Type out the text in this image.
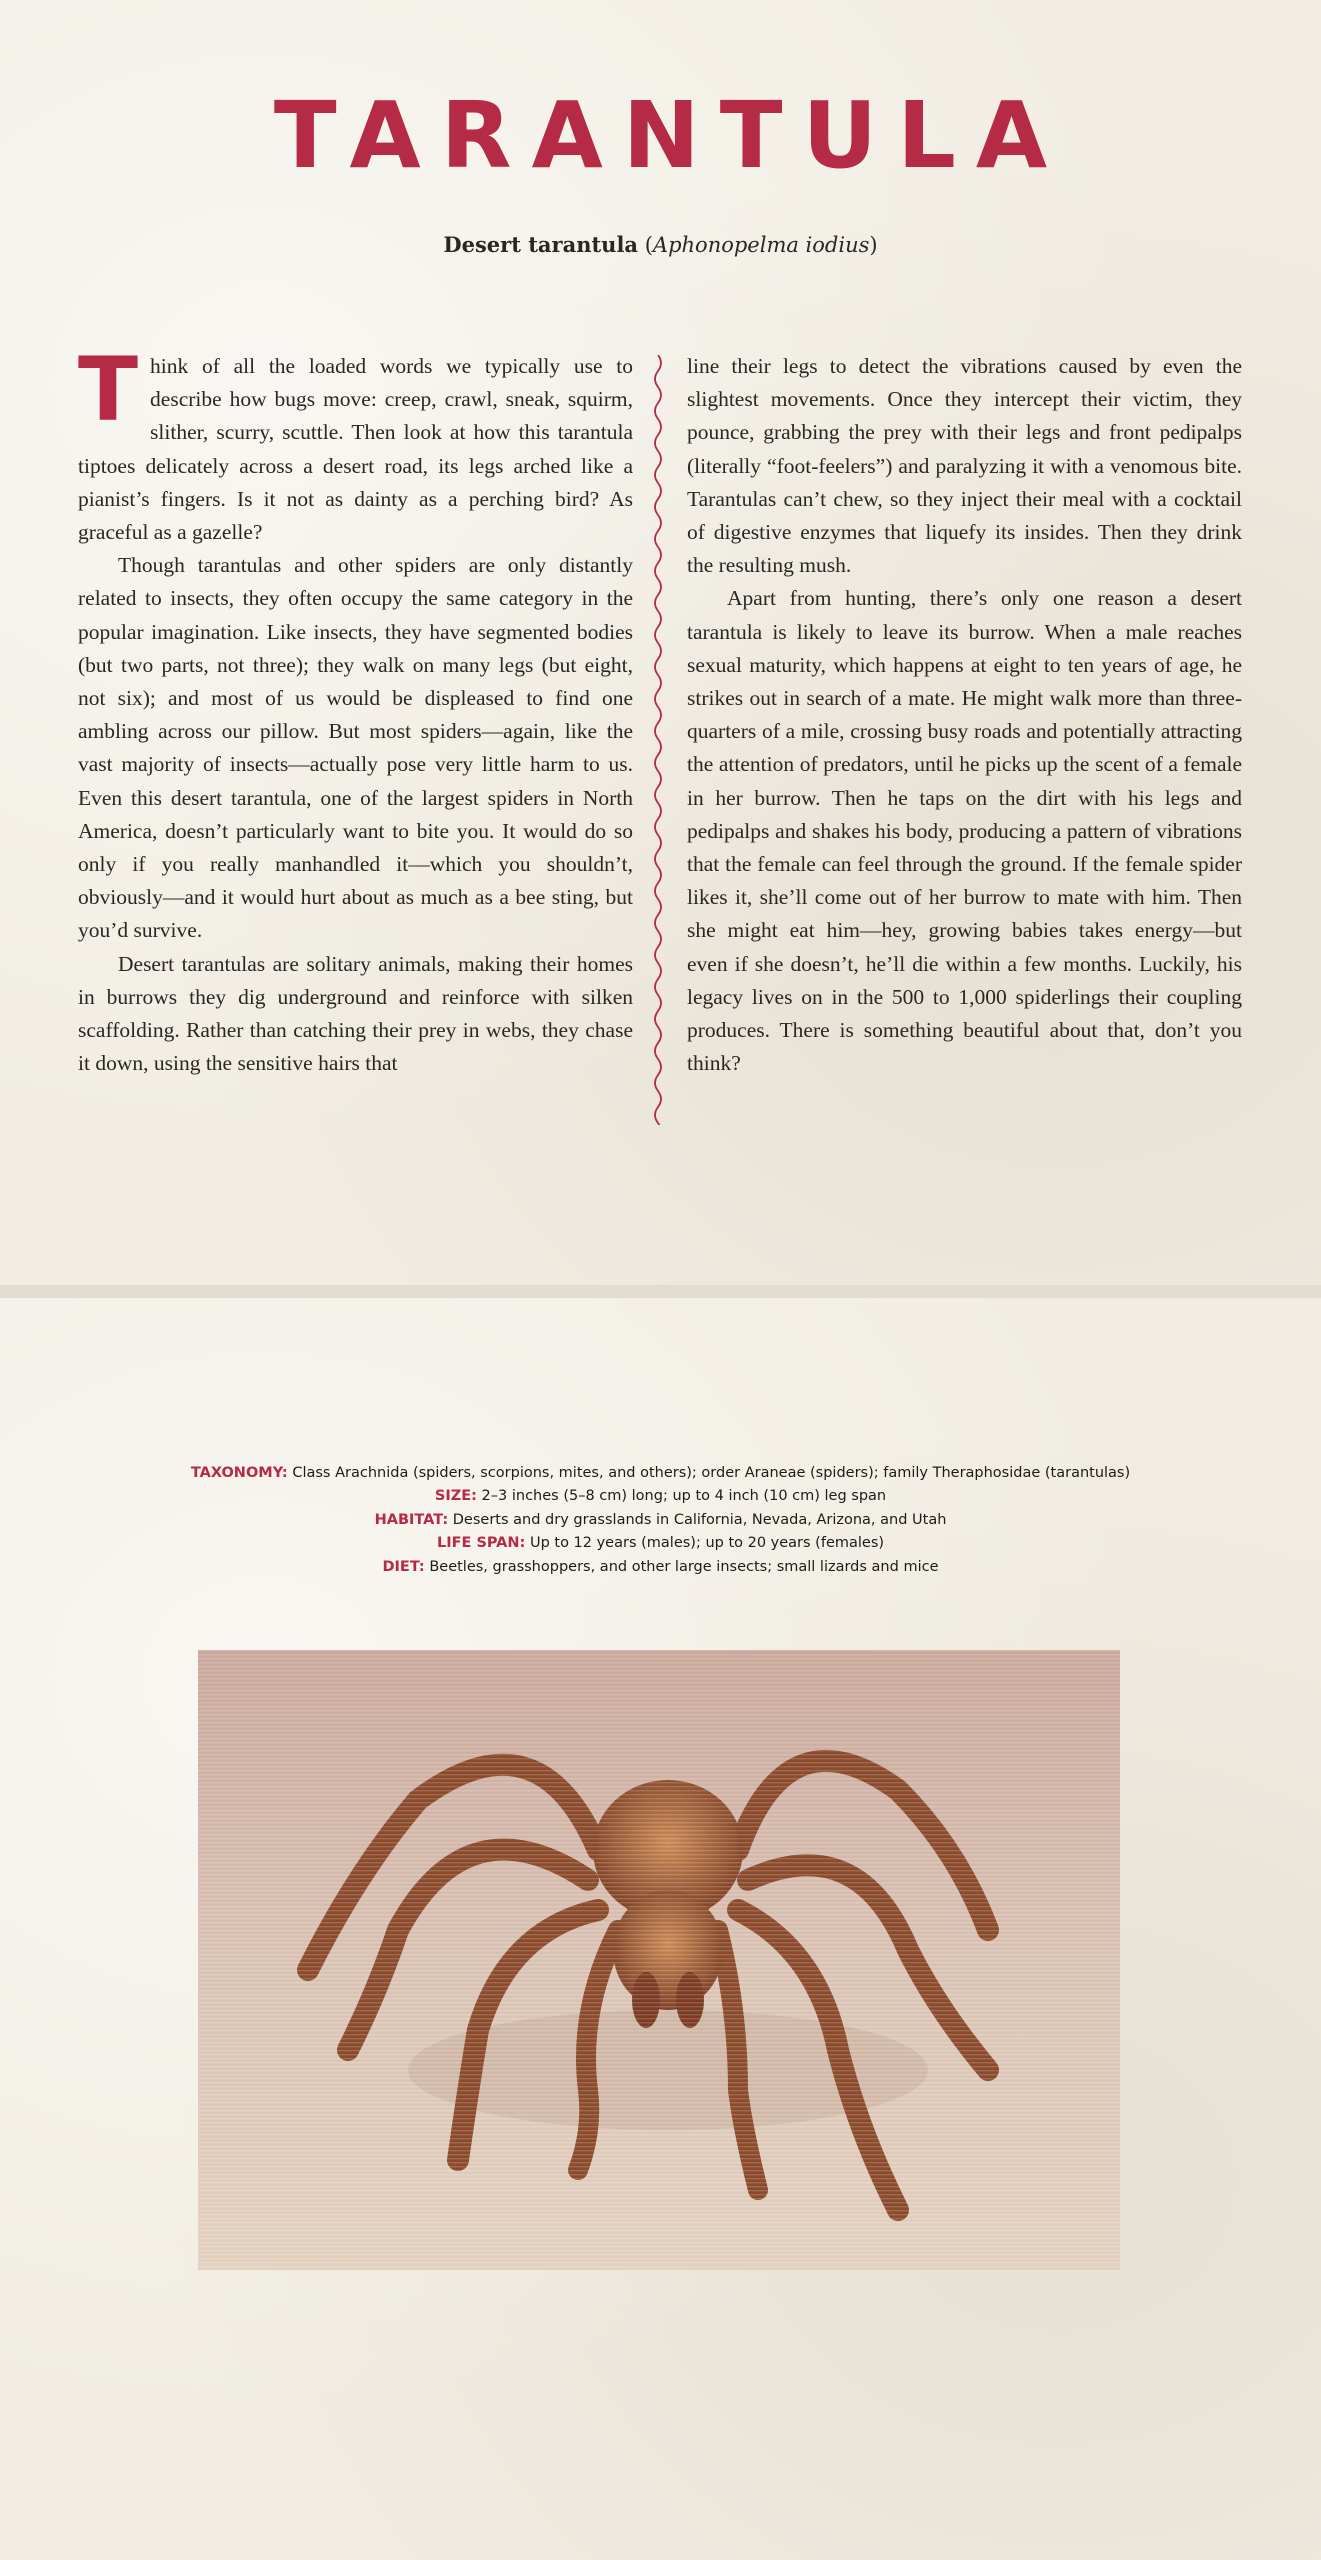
TARANTULA
Desert tarantula (Aphonopelma iodius)

Think of all the loaded words we typically use to describe how bugs move: creep, crawl, sneak, squirm, slither, scurry, scuttle. Then look at how this tarantula tiptoes delicately across a desert road, its legs arched like a pianist’s fingers. Is it not as dainty as a perching bird? As graceful as a gazelle?

Though tarantulas and other spiders are only distantly related to insects, they often occupy the same category in the popular imagination. Like insects, they have segmented bodies (but two parts, not three); they walk on many legs (but eight, not six); and most of us would be displeased to find one ambling across our pillow. But most spiders—again, like the vast majority of insects—actually pose very little harm to us. Even this desert tarantula, one of the largest spiders in North America, doesn’t particularly want to bite you. It would do so only if you really manhandled it—which you shouldn’t, obviously—and it would hurt about as much as a bee sting, but you’d survive.

Desert tarantulas are solitary animals, making their homes in burrows they dig underground and reinforce with silken scaffolding. Rather than catching their prey in webs, they chase it down, using the sensitive hairs that

line their legs to detect the vibrations caused by even the slightest movements. Once they intercept their victim, they pounce, grabbing the prey with their legs and front pedipalps (literally “foot-feelers”) and paralyzing it with a venomous bite. Tarantulas can’t chew, so they inject their meal with a cocktail of digestive enzymes that liquefy its insides. Then they drink the resulting mush.

Apart from hunting, there’s only one reason a desert tarantula is likely to leave its burrow. When a male reaches sexual maturity, which happens at eight to ten years of age, he strikes out in search of a mate. He might walk more than three-quarters of a mile, crossing busy roads and potentially attracting the attention of predators, until he picks up the scent of a female in her burrow. Then he taps on the dirt with his legs and pedipalps and shakes his body, producing a pattern of vibrations that the female can feel through the ground. If the female spider likes it, she’ll come out of her burrow to mate with him. Then she might eat him—hey, growing babies takes energy—but even if she doesn’t, he’ll die within a few months. Luckily, his legacy lives on in the 500 to 1,000 spiderlings their coupling produces. There is something beautiful about that, don’t you think?

TAXONOMY: Class Arachnida (spiders, scorpions, mites, and others); order Araneae (spiders); family Theraphosidae (tarantulas)
SIZE: 2–3 inches (5–8 cm) long; up to 4 inch (10 cm) leg span
HABITAT: Deserts and dry grasslands in California, Nevada, Arizona, and Utah
LIFE SPAN: Up to 12 years (males); up to 20 years (females)
DIET: Beetles, grasshoppers, and other large insects; small lizards and mice
